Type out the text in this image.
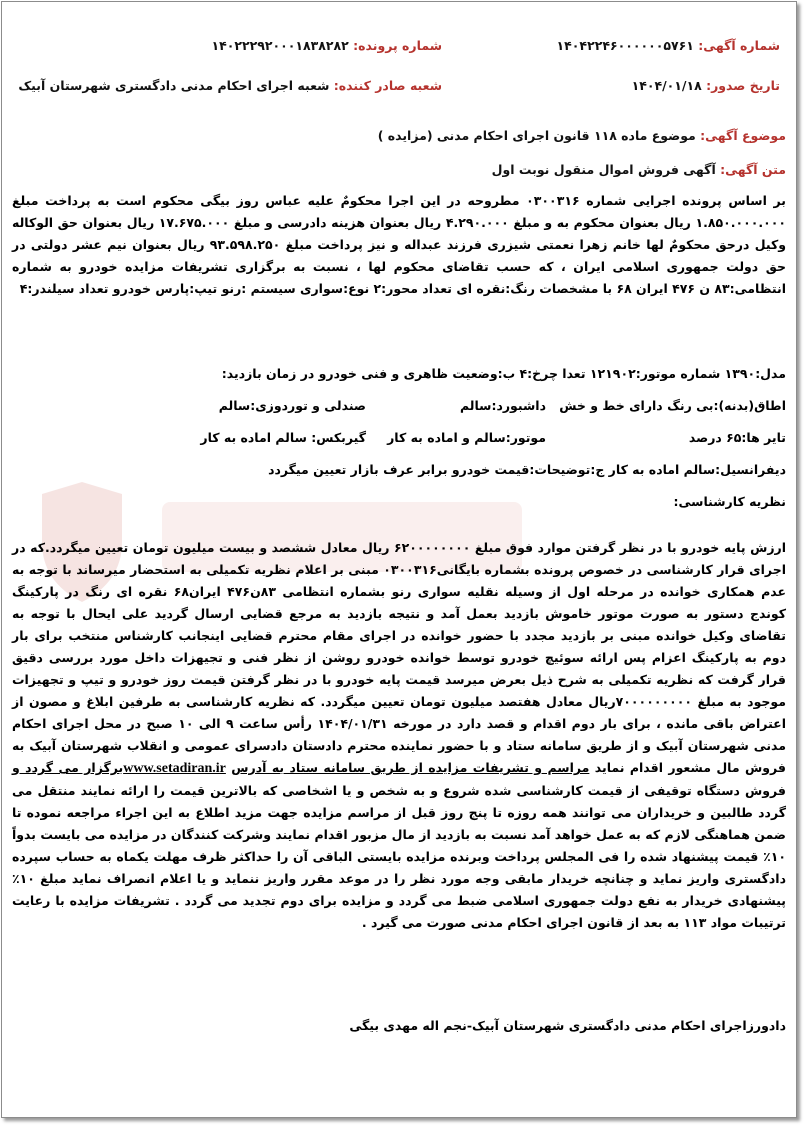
شماره آگهی: ۱۴۰۴۲۲۴۶۰۰۰۰۰۰۵۷۶۱
شماره پرونده: ۱۴۰۲۲۲۹۲۰۰۰۱۸۳۸۲۸۲
تاریخ صدور: ۱۴۰۴/۰۱/۱۸
شعبه صادر کننده: شعبه اجرای احکام مدنی دادگستری شهرستان آبیک
موضوع آگهی: موضوع ماده ۱۱۸ قانون اجرای احکام مدنی (مزایده )
متن آگهی: آگهی فروش اموال منقول نوبت اول
بر اساس پرونده اجرایی شماره ۰۳۰۰۳۱۶ مطروحه در این اجرا محکومٌ علیه عباس روز بیگی محکوم است به پرداخت مبلغ ۱.۸۵۰.۰۰۰.۰۰۰ ریال بعنوان محکوم به و مبلغ ۴.۲۹۰.۰۰۰ ریال بعنوان هزینه دادرسی و مبلغ ۱۷.۶۷۵.۰۰۰ ریال بعنوان حق الوکاله وکیل درحق محکومٌ لها خانم زهرا نعمتی شیزری فرزند عبداله و نیز پرداخت مبلغ ۹۳.۵۹۸.۲۵۰ ریال بعنوان نیم عشر دولتی در حق دولت جمهوری اسلامی ایران ، که حسب تقاضای محکوم لها ، نسبت به برگزاری تشریفات مزایده خودرو به شماره انتظامی:۸۳ ن ۴۷۶ ایران ۶۸ با مشخصات رنگ:نقره ای تعداد محور:۲ نوع:سواری سیستم :رنو تیپ:پارس خودرو تعداد سیلندر:۴
مدل:۱۳۹۰ شماره موتور:۱۲۱۹۰۲ تعدا چرخ:۴ ب:وضعیت ظاهری و فنی خودرو در زمان بازدید:
اطاق(بدنه):بی رنگ دارای خط و خش
داشبورد:سالم
صندلی و توردوزی:سالم
تایر ها:۶۵ درصد
موتور:سالم و اماده به کار
گیربکس: سالم اماده به کار
دیفرانسیل:سالم اماده به کار ج:توضیحات:قیمت خودرو برابر عرف بازار تعیین میگردد
نظریه کارشناسی:
ارزش پایه خودرو با در نظر گرفتن موارد فوق مبلغ ۶۲۰۰۰۰۰۰۰۰ ریال معادل ششصد و بیست میلیون تومان تعیین میگردد.که در اجرای قرار کارشناسی در خصوص پرونده بشماره بایگانی۰۳۰۰۳۱۶ مبنی بر اعلام نظریه تکمیلی به استحضار میرساند با توجه به عدم همکاری خوانده در مرحله اول از وسیله نقلیه سواری رنو بشماره انتظامی ۸۳ن۴۷۶ ایران۶۸ نقره ای رنگ در پارکینگ کوندج دستور به صورت موتور خاموش بازدید بعمل آمد و نتیجه بازدید به مرجع قضایی ارسال گردید علی ایحال با توجه به تقاضای وکیل خوانده مبنی بر بازدید مجدد با حضور خوانده در اجرای مقام محترم قضایی اینجانب کارشناس منتخب برای بار دوم به پارکینگ اعزام پس ارائه سوئیچ خودرو توسط خوانده خودرو روشن از نظر فنی و تجیهزات داخل مورد بررسی دقیق قرار گرفت که نظریه تکمیلی به شرح ذیل بعرض میرسد قیمت پایه خودرو با در نظر گرفتن قیمت روز خودرو و تیپ و تجهیزات موجود به مبلغ ۷۰۰۰۰۰۰۰۰۰ریال معادل هفتصد میلیون تومان تعیین میگردد. که نظریه کارشناسی به طرفین ابلاغ و مصون از اعتراض باقی مانده ، برای بار دوم اقدام و قصد دارد در مورخه ۱۴۰۴/۰۱/۳۱ رأس ساعت ۹ الی ۱۰ صبح در محل اجرای احکام مدنی شهرستان آبیک و از طریق سامانه ستاد و با حضور نماینده محترم دادستان دادسرای عمومی و انقلاب شهرستان آبیک به فروش مال مشعور اقدام نماید مراسم و تشریفات مزایده از طریق سامانه ستاد به آدرس www.setadiran.irبرگزار می گردد و فروش دستگاه توقیفی از قیمت کارشناسی شده شروع و به شخص و یا اشخاصی که بالاترین قیمت را ارائه نمایند منتقل می گردد طالبین و خریداران می توانند همه روزه تا پنج روز قبل از مراسم مزایده جهت مزید اطلاع به این اجراء مراجعه نموده تا ضمن هماهنگی لازم که به عمل خواهد آمد نسبت به بازدید از مال مزبور اقدام نمایند وشرکت کنندگان در مزایده می بایست بدواً ۱۰٪ قیمت پیشنهاد شده را فی المجلس پرداخت وبرنده مزایده بایستی الباقی آن را حداکثر ظرف مهلت یکماه به حساب سپرده دادگستری واریز نماید و چنانچه خریدار مابقی وجه مورد نظر را در موعد مقرر واریز ننماید و یا اعلام انصراف نماید مبلغ ۱۰٪ پیشنهادی خریدار به نفع دولت جمهوری اسلامی ضبط می گردد و مزایده برای دوم تجدید می گردد . تشریفات مزایده با رعایت ترتیبات مواد ۱۱۳ به بعد از قانون اجرای احکام مدنی صورت می گیرد .
دادورزاجرای احکام مدنی دادگستری شهرستان آبیک-نجم اله مهدی بیگی
